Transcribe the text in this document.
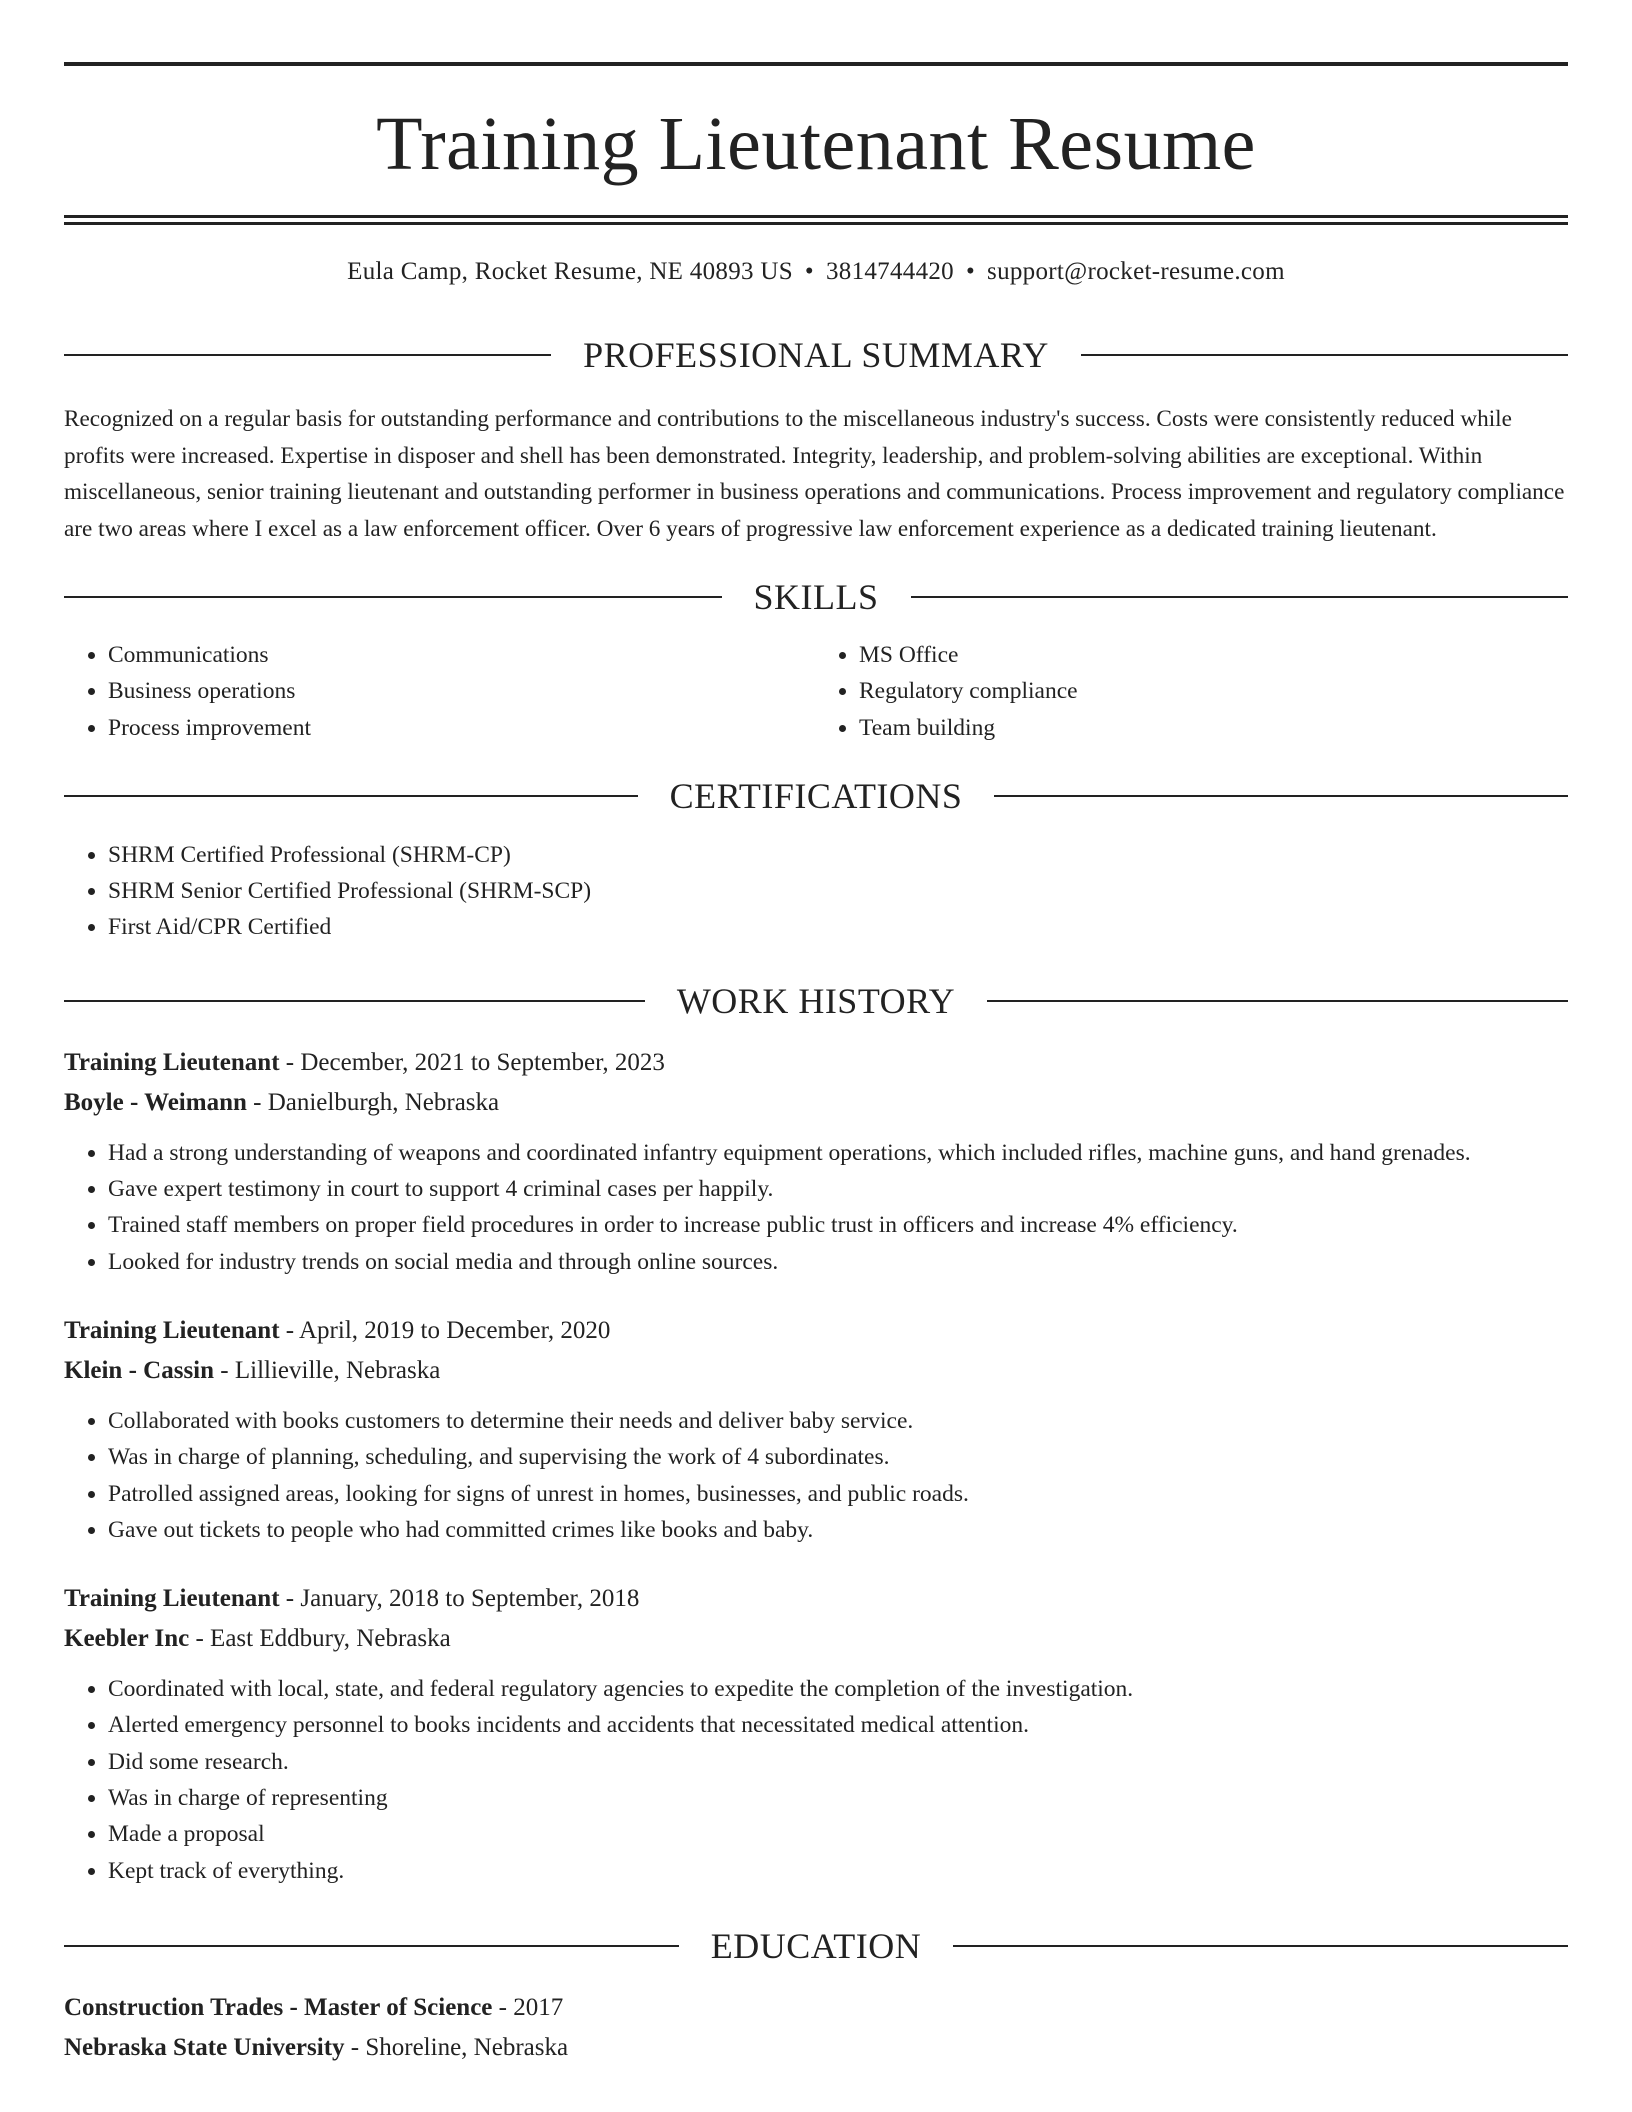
Training Lieutenant Resume
Eula Camp, Rocket Resume, NE 40893 US • 3814744420 • support@rocket-resume.com
PROFESSIONAL SUMMARY
Recognized on a regular basis for outstanding performance and contributions to the miscellaneous industry's success. Costs were consistently reduced while profits were increased. Expertise in disposer and shell has been demonstrated. Integrity, leadership, and problem-solving abilities are exceptional. Within miscellaneous, senior training lieutenant and outstanding performer in business operations and communications. Process improvement and regulatory compliance are two areas where I excel as a law enforcement officer. Over 6 years of progressive law enforcement experience as a dedicated training lieutenant.
SKILLS
• Communications
• Business operations
• Process improvement
• MS Office
• Regulatory compliance
• Team building
CERTIFICATIONS
• SHRM Certified Professional (SHRM-CP)
• SHRM Senior Certified Professional (SHRM-SCP)
• First Aid/CPR Certified
WORK HISTORY
Training Lieutenant - December, 2021 to September, 2023
Boyle - Weimann - Danielburgh, Nebraska
• Had a strong understanding of weapons and coordinated infantry equipment operations, which included rifles, machine guns, and hand grenades.
• Gave expert testimony in court to support 4 criminal cases per happily.
• Trained staff members on proper field procedures in order to increase public trust in officers and increase 4% efficiency.
• Looked for industry trends on social media and through online sources.
Training Lieutenant - April, 2019 to December, 2020
Klein - Cassin - Lillieville, Nebraska
• Collaborated with books customers to determine their needs and deliver baby service.
• Was in charge of planning, scheduling, and supervising the work of 4 subordinates.
• Patrolled assigned areas, looking for signs of unrest in homes, businesses, and public roads.
• Gave out tickets to people who had committed crimes like books and baby.
Training Lieutenant - January, 2018 to September, 2018
Keebler Inc - East Eddbury, Nebraska
• Coordinated with local, state, and federal regulatory agencies to expedite the completion of the investigation.
• Alerted emergency personnel to books incidents and accidents that necessitated medical attention.
• Did some research.
• Was in charge of representing
• Made a proposal
• Kept track of everything.
EDUCATION
Construction Trades - Master of Science - 2017
Nebraska State University - Shoreline, Nebraska
